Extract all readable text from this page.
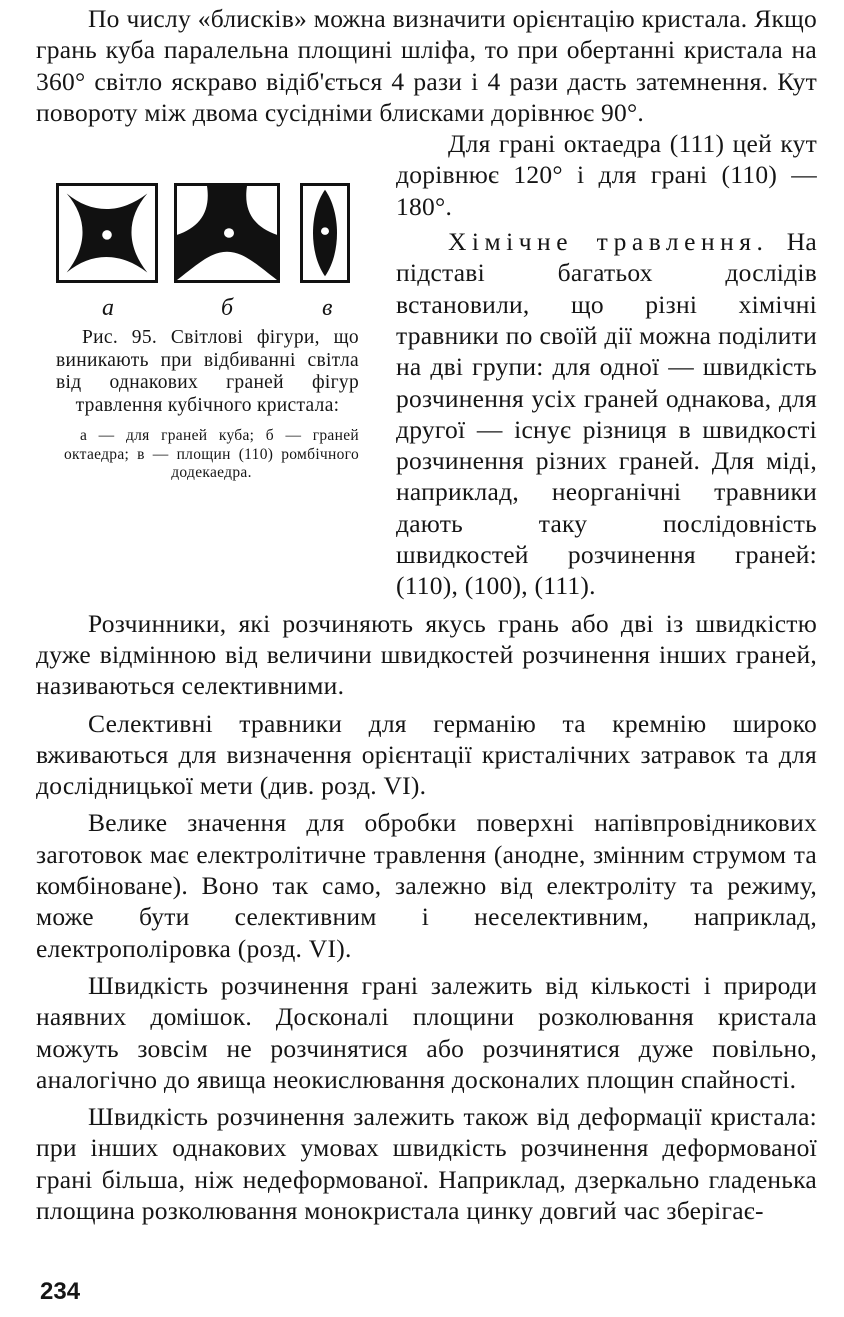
По числу «блисків» можна визначити орієнтацію кристала. Якщо грань куба паралельна площині шліфа, то при обертанні кристала на 360° світло яскраво відіб'ється 4 рази і 4 рази дасть затемнення. Кут повороту між двома сусідніми блисками дорівнює 90°.

а	б	в

Рис. 95. Світлові фігури, що виникають при відбиванні світла від однакових граней фігур травлення кубічного кристала:

а — для граней куба; б — граней октаедра; в — площин (110) ромбічного додекаедра.

Для грані октаедра (111) цей кут дорівнює 120° і для грані (110) — 180°.

Хімічне травлення. На підставі багатьох дослідів встановили, що різні хімічні травники по своїй дії можна поділити на дві групи: для одної — швидкість розчинення усіх граней однакова, для другої — існує різниця в швидкості розчинення різних граней. Для міді, наприклад, неорганічні травники дають таку послідовність швидкостей розчинення граней: (110), (100), (111).

Розчинники, які розчиняють якусь грань або дві із швидкістю дуже відмінною від величини швидкостей розчинення інших граней, називаються селективними.

Селективні травники для германію та кремнію широко вживаються для визначення орієнтації кристалічних затравок та для дослідницької мети (див. розд. VI).

Велике значення для обробки поверхні напівпровідникових заготовок має електролітичне травлення (анодне, змінним струмом та комбіноване). Воно так само, залежно від електроліту та режиму, може бути селективним і неселективним, наприклад, електрополіровка (розд. VI).

Швидкість розчинення грані залежить від кількості і природи наявних домішок. Досконалі площини розколювання кристала можуть зовсім не розчинятися або розчинятися дуже повільно, аналогічно до явища неокислювання досконалих площин спайності.

Швидкість розчинення залежить також від деформації кристала: при інших однакових умовах швидкість розчинення деформованої грані більша, ніж недеформованої. Наприклад, дзеркально гладенька площина розколювання монокристала цинку довгий час зберігає-

234
